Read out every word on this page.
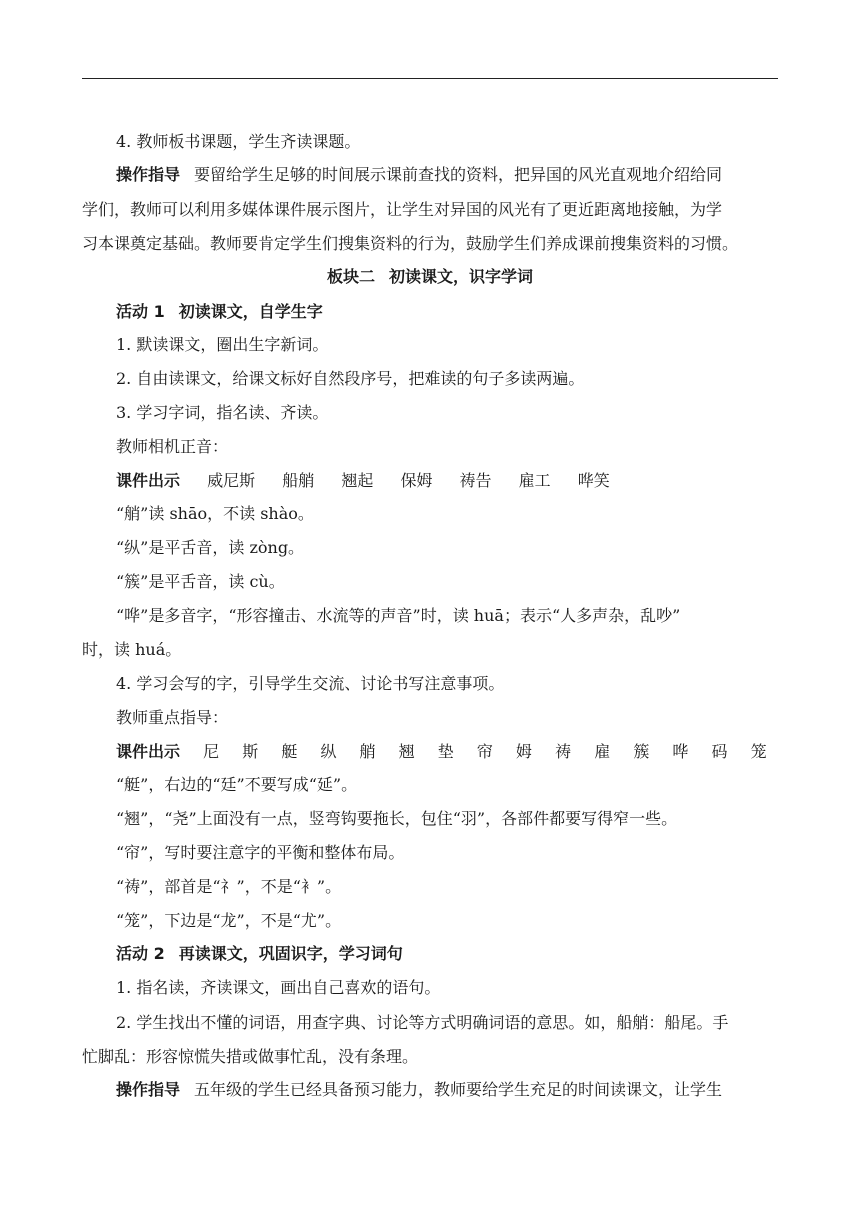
4. 教师板书课题，学生齐读课题。
操作指导 要留给学生足够的时间展示课前查找的资料，把异国的风光直观地介绍给同
学们，教师可以利用多媒体课件展示图片，让学生对异国的风光有了更近距离地接触，为学
习本课奠定基础。教师要肯定学生们搜集资料的行为，鼓励学生们养成课前搜集资料的习惯。
板块二 初读课文，识字学词
活动 1 初读课文，自学生字
1. 默读课文，圈出生字新词。
2. 自由读课文，给课文标好自然段序号，把难读的句子多读两遍。
3. 学习字词，指名读、齐读。
教师相机正音：
课件出示 威尼斯 船艄 翘起 保姆 祷告 雇工 哗笑
“艄”读 shāo，不读 shào。
“纵”是平舌音，读 zòng。
“簇”是平舌音，读 cù。
“哗”是多音字，“形容撞击、水流等的声音”时，读 huā；表示“人多声杂，乱吵”
时，读 huá。
4. 学习会写的字，引导学生交流、讨论书写注意事项。
教师重点指导：
课件出示 尼 斯 艇 纵 艄 翘 垫 帘 姆 祷 雇 簇 哗 码 笼
“艇”，右边的“廷”不要写成“延”。
“翘”，“尧”上面没有一点，竖弯钩要拖长，包住“羽”，各部件都要写得窄一些。
“帘”，写时要注意字的平衡和整体布局。
“祷”，部首是“礻”，不是“衤”。
“笼”，下边是“龙”，不是“尤”。
活动 2 再读课文，巩固识字，学习词句
1. 指名读，齐读课文，画出自己喜欢的语句。
2. 学生找出不懂的词语，用查字典、讨论等方式明确词语的意思。如，船艄：船尾。手
忙脚乱：形容惊慌失措或做事忙乱，没有条理。
操作指导 五年级的学生已经具备预习能力，教师要给学生充足的时间读课文，让学生
